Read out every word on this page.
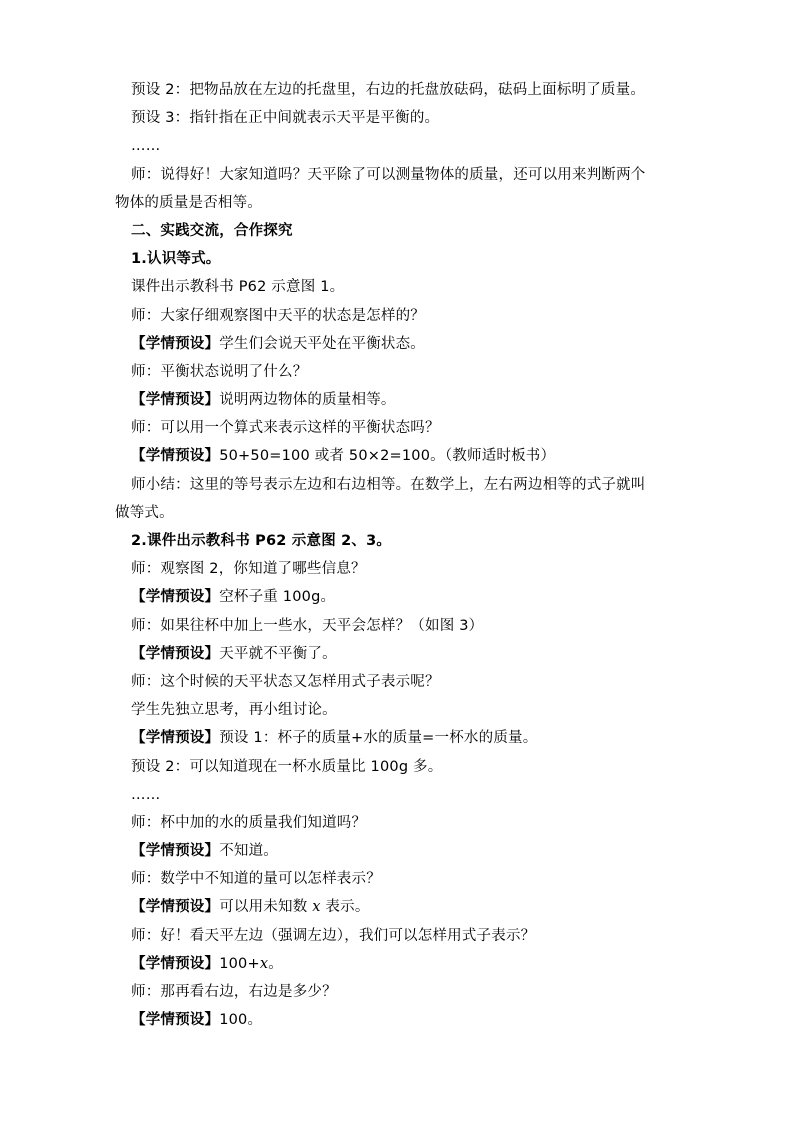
预设 2：把物品放在左边的托盘里，右边的托盘放砝码，砝码上面标明了质量。
预设 3：指针指在正中间就表示天平是平衡的。
……
师：说得好！大家知道吗？天平除了可以测量物体的质量，还可以用来判断两个
物体的质量是否相等。
二、实践交流，合作探究
1.认识等式。
课件出示教科书 P62 示意图 1。
师：大家仔细观察图中天平的状态是怎样的？
【学情预设】学生们会说天平处在平衡状态。
师：平衡状态说明了什么？
【学情预设】说明两边物体的质量相等。
师：可以用一个算式来表示这样的平衡状态吗？
【学情预设】50+50=100 或者 50×2=100。（教师适时板书）
师小结：这里的等号表示左边和右边相等。在数学上，左右两边相等的式子就叫
做等式。
2.课件出示教科书 P62 示意图 2、3。
师：观察图 2，你知道了哪些信息？
【学情预设】空杯子重 100g。
师：如果往杯中加上一些水，天平会怎样？（如图 3）
【学情预设】天平就不平衡了。
师：这个时候的天平状态又怎样用式子表示呢？
学生先独立思考，再小组讨论。
【学情预设】预设 1：杯子的质量+水的质量=一杯水的质量。
预设 2：可以知道现在一杯水质量比 100g 多。
……
师：杯中加的水的质量我们知道吗？
【学情预设】不知道。
师：数学中不知道的量可以怎样表示？
【学情预设】可以用未知数 x 表示。
师：好！看天平左边（强调左边），我们可以怎样用式子表示？
【学情预设】100+x。
师：那再看右边，右边是多少？
【学情预设】100。
